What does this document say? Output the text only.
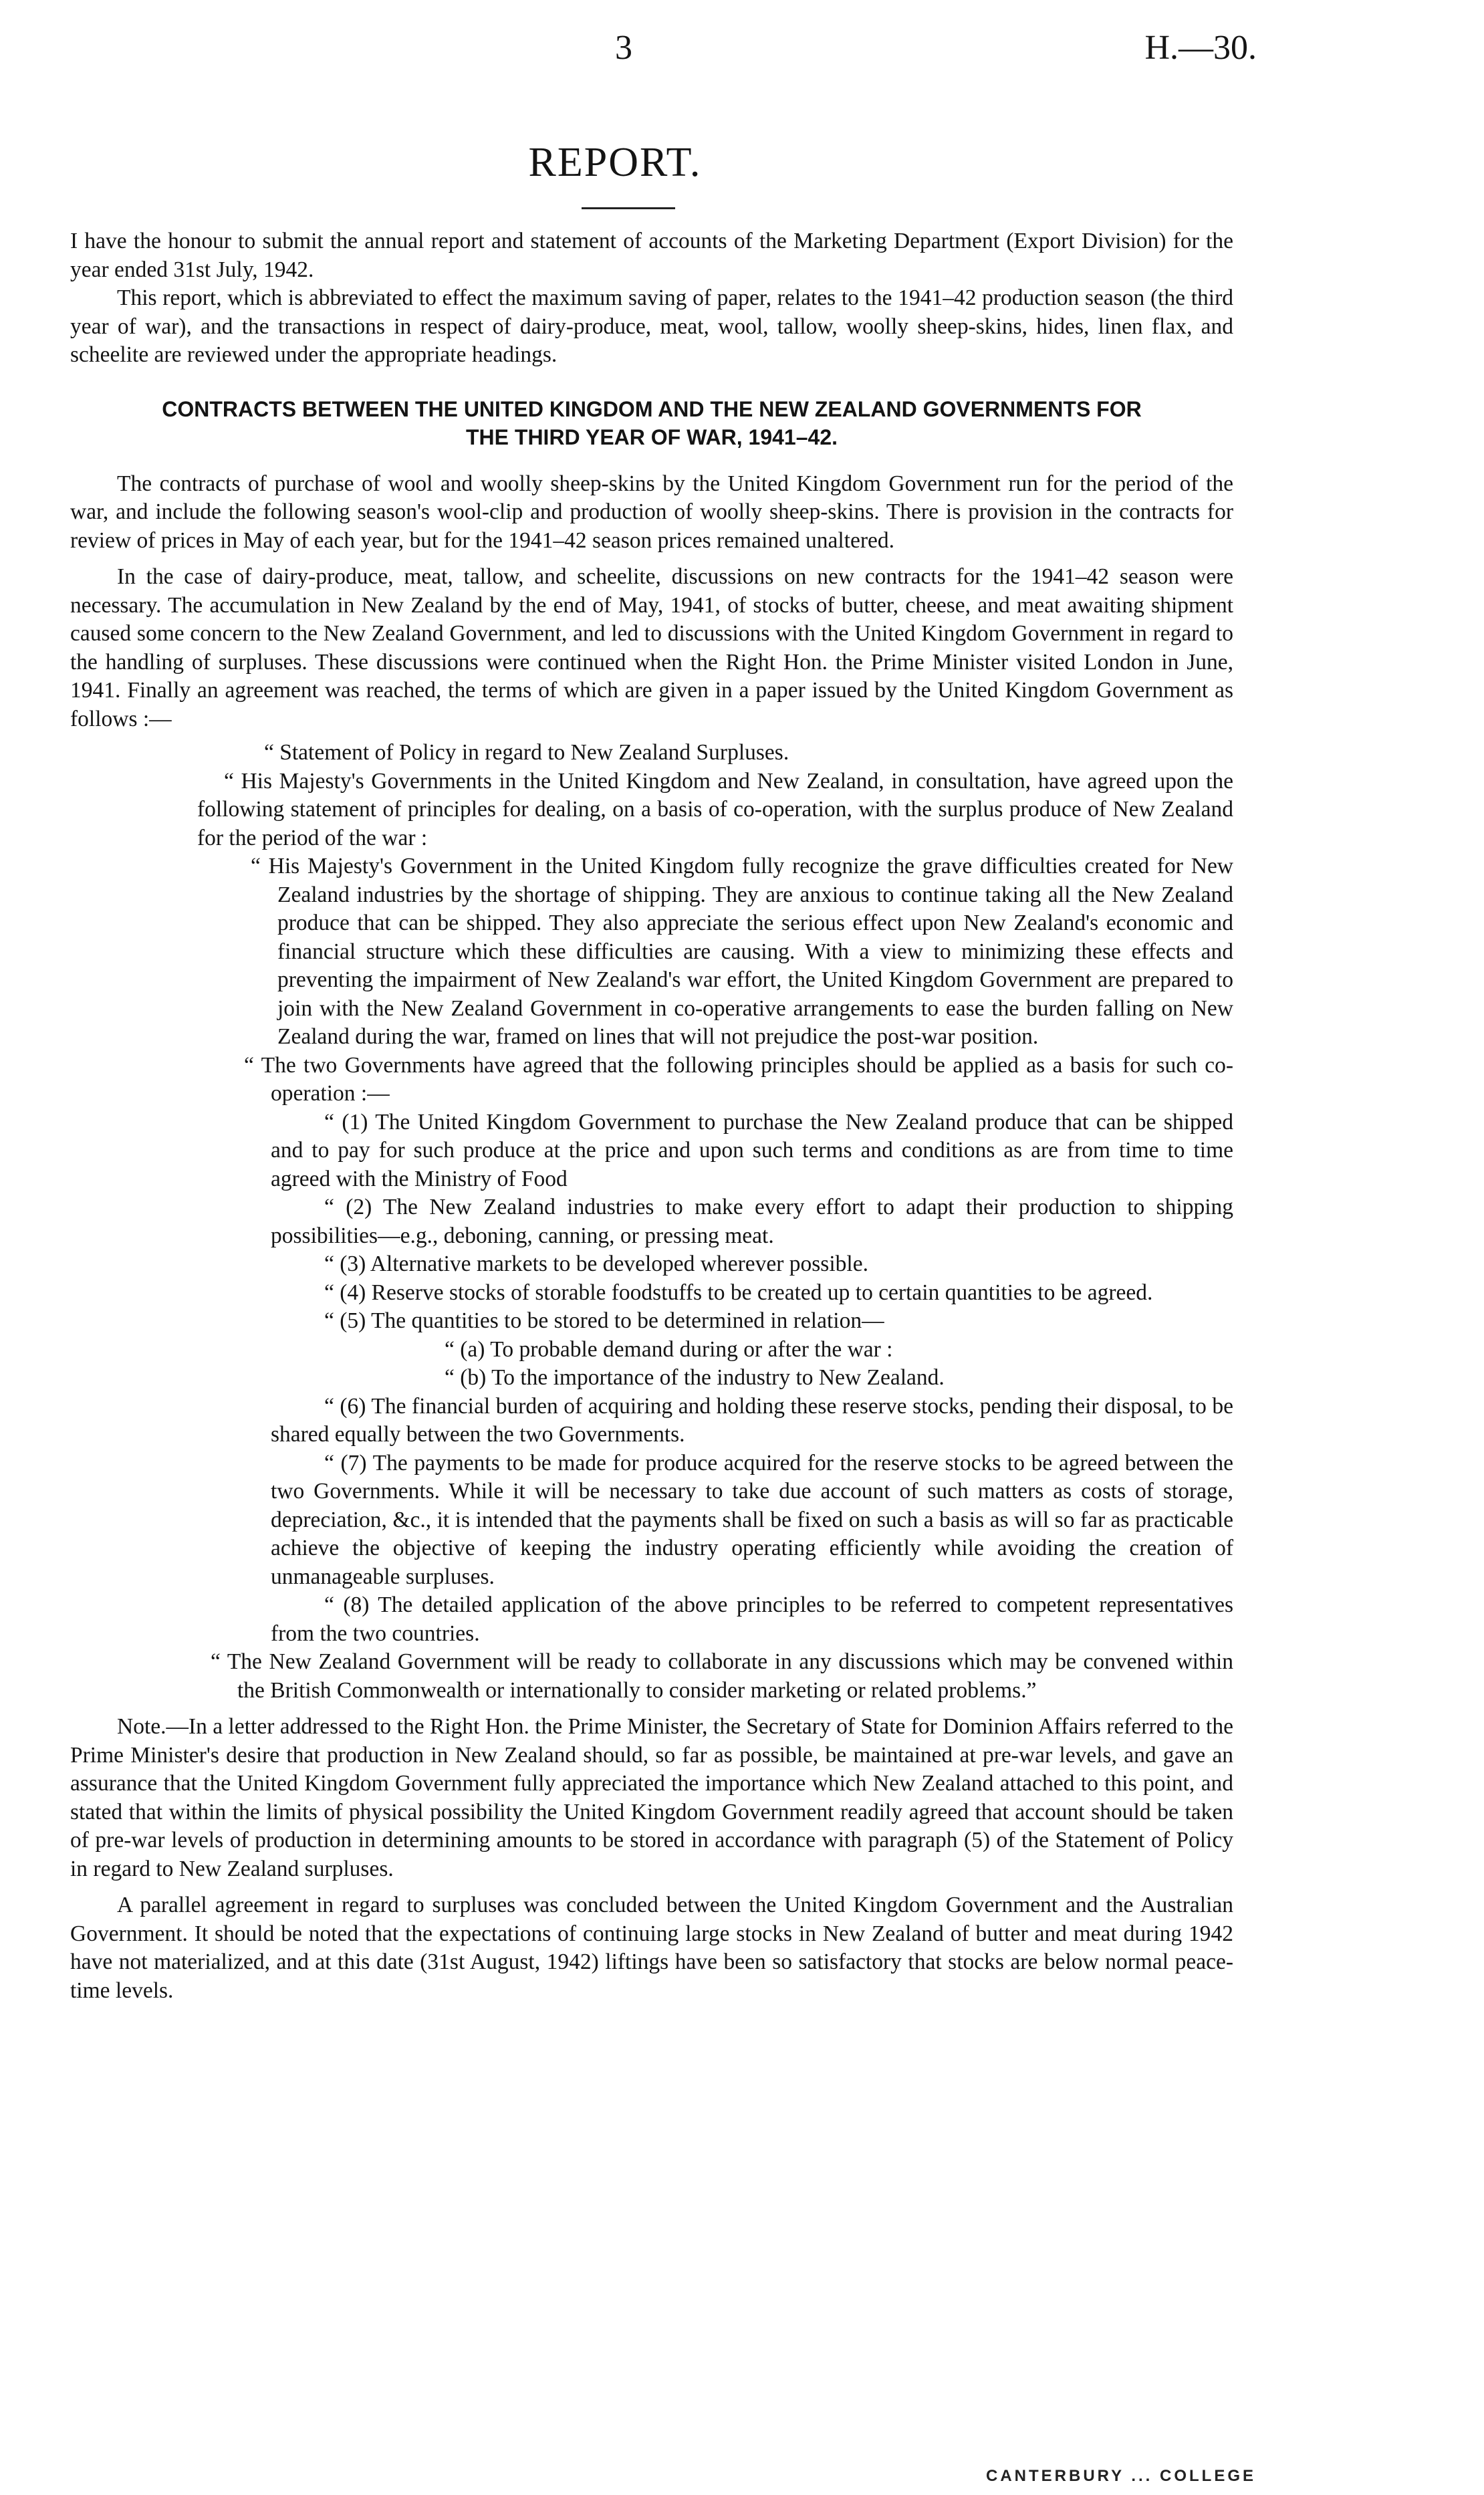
3	H.—30.
REPORT.

I have the honour to submit the annual report and statement of accounts of the Marketing Department (Export Division) for the year ended 31st July, 1942.

This report, which is abbreviated to effect the maximum saving of paper, relates to the 1941–42 production season (the third year of war), and the transactions in respect of dairy-produce, meat, wool, tallow, woolly sheep-skins, hides, linen flax, and scheelite are reviewed under the appropriate headings.

CONTRACTS BETWEEN THE UNITED KINGDOM AND THE NEW ZEALAND GOVERNMENTS FOR THE THIRD YEAR OF WAR, 1941–42.

The contracts of purchase of wool and woolly sheep-skins by the United Kingdom Government run for the period of the war, and include the following season's wool-clip and production of woolly sheep-skins. There is provision in the contracts for review of prices in May of each year, but for the 1941–42 season prices remained unaltered.

In the case of dairy-produce, meat, tallow, and scheelite, discussions on new contracts for the 1941–42 season were necessary. The accumulation in New Zealand by the end of May, 1941, of stocks of butter, cheese, and meat awaiting shipment caused some concern to the New Zealand Government, and led to discussions with the United Kingdom Government in regard to the handling of surpluses. These discussions were continued when the Right Hon. the Prime Minister visited London in June, 1941. Finally an agreement was reached, the terms of which are given in a paper issued by the United Kingdom Government as follows :—

“ Statement of Policy in regard to New Zealand Surpluses.

“ His Majesty's Governments in the United Kingdom and New Zealand, in consultation, have agreed upon the following statement of principles for dealing, on a basis of co-operation, with the surplus produce of New Zealand for the period of the war :

“ His Majesty's Government in the United Kingdom fully recognize the grave difficulties created for New Zealand industries by the shortage of shipping. They are anxious to continue taking all the New Zealand produce that can be shipped. They also appreciate the serious effect upon New Zealand's economic and financial structure which these difficulties are causing. With a view to minimizing these effects and preventing the impairment of New Zealand's war effort, the United Kingdom Government are prepared to join with the New Zealand Government in co-operative arrangements to ease the burden falling on New Zealand during the war, framed on lines that will not prejudice the post-war position.

“ The two Governments have agreed that the following principles should be applied as a basis for such co-operation :—

“ (1) The United Kingdom Government to purchase the New Zealand produce that can be shipped and to pay for such produce at the price and upon such terms and conditions as are from time to time agreed with the Ministry of Food

“ (2) The New Zealand industries to make every effort to adapt their production to shipping possibilities—e.g., deboning, canning, or pressing meat.

“ (3) Alternative markets to be developed wherever possible.

“ (4) Reserve stocks of storable foodstuffs to be created up to certain quantities to be agreed.

“ (5) The quantities to be stored to be determined in relation—

“ (a) To probable demand during or after the war :

“ (b) To the importance of the industry to New Zealand.

“ (6) The financial burden of acquiring and holding these reserve stocks, pending their disposal, to be shared equally between the two Governments.

“ (7) The payments to be made for produce acquired for the reserve stocks to be agreed between the two Governments. While it will be necessary to take due account of such matters as costs of storage, depreciation, &c., it is intended that the payments shall be fixed on such a basis as will so far as practicable achieve the objective of keeping the industry operating efficiently while avoiding the creation of unmanageable surpluses.

“ (8) The detailed application of the above principles to be referred to competent representatives from the two countries.

“ The New Zealand Government will be ready to collaborate in any discussions which may be convened within the British Commonwealth or internationally to consider marketing or related problems.”

Note.—In a letter addressed to the Right Hon. the Prime Minister, the Secretary of State for Dominion Affairs referred to the Prime Minister's desire that production in New Zealand should, so far as possible, be maintained at pre-war levels, and gave an assurance that the United Kingdom Government fully appreciated the importance which New Zealand attached to this point, and stated that within the limits of physical possibility the United Kingdom Government readily agreed that account should be taken of pre-war levels of production in determining amounts to be stored in accordance with paragraph (5) of the Statement of Policy in regard to New Zealand surpluses.

A parallel agreement in regard to surpluses was concluded between the United Kingdom Government and the Australian Government. It should be noted that the expectations of continuing large stocks in New Zealand of butter and meat during 1942 have not materialized, and at this date (31st August, 1942) liftings have been so satisfactory that stocks are below normal peace-time levels.

CANTERBURY ... COLLEGE
